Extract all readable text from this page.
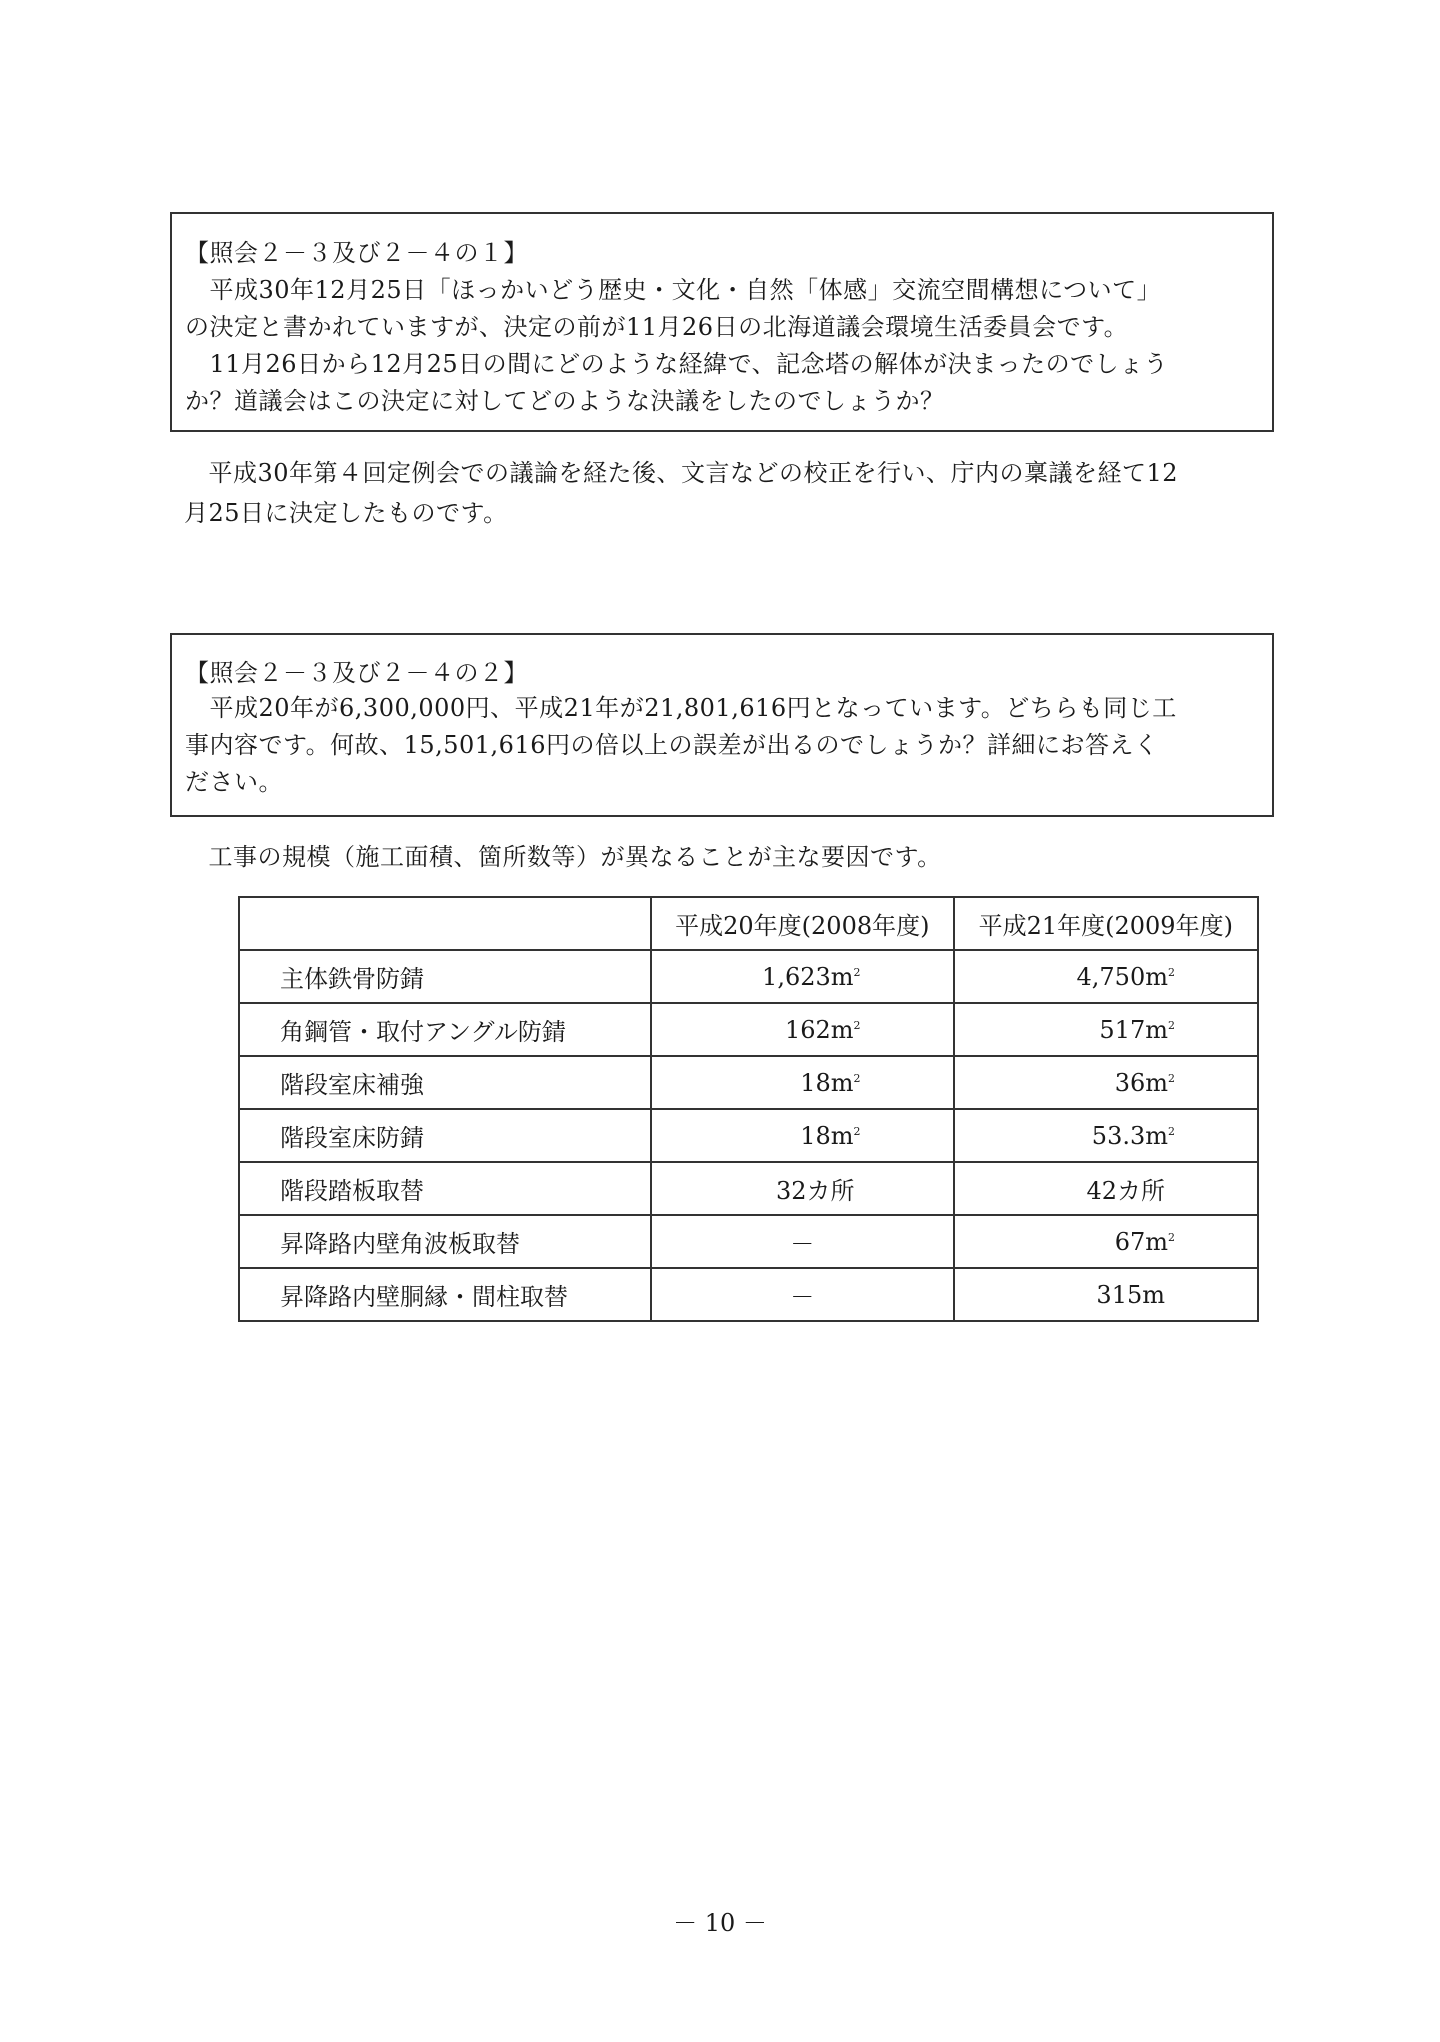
【照会２－３及び２－４の１】
　平成30年12月25日「ほっかいどう歴史・文化・自然「体感」交流空間構想について」
の決定と書かれていますが、決定の前が11月26日の北海道議会環境生活委員会です。
　11月26日から12月25日の間にどのような経緯で、記念塔の解体が決まったのでしょう
か？道議会はこの決定に対してどのような決議をしたのでしょうか？
　平成30年第４回定例会での議論を経た後、文言などの校正を行い、庁内の稟議を経て12
月25日に決定したものです。
【照会２－３及び２－４の２】
　平成20年が6,300,000円、平成21年が21,801,616円となっています。どちらも同じ工
事内容です。何故、15,501,616円の倍以上の誤差が出るのでしょうか？詳細にお答えく
ださい。
　工事の規模（施工面積、箇所数等）が異なることが主な要因です。
	平成20年度(2008年度)	平成21年度(2009年度)
主体鉄骨防錆	$1,623m^2$	$4,750m^2$
角鋼管・取付アングル防錆	$162m^2$	$517m^2$
階段室床補強	$18m^2$	$36m^2$
階段室床防錆	$18m^2$	$53.3m^2$
階段踏板取替	32カ所	42カ所
昇降路内壁角波板取替	－	$67m^2$
昇降路内壁胴縁・間柱取替	－	315m
－ 10 －
